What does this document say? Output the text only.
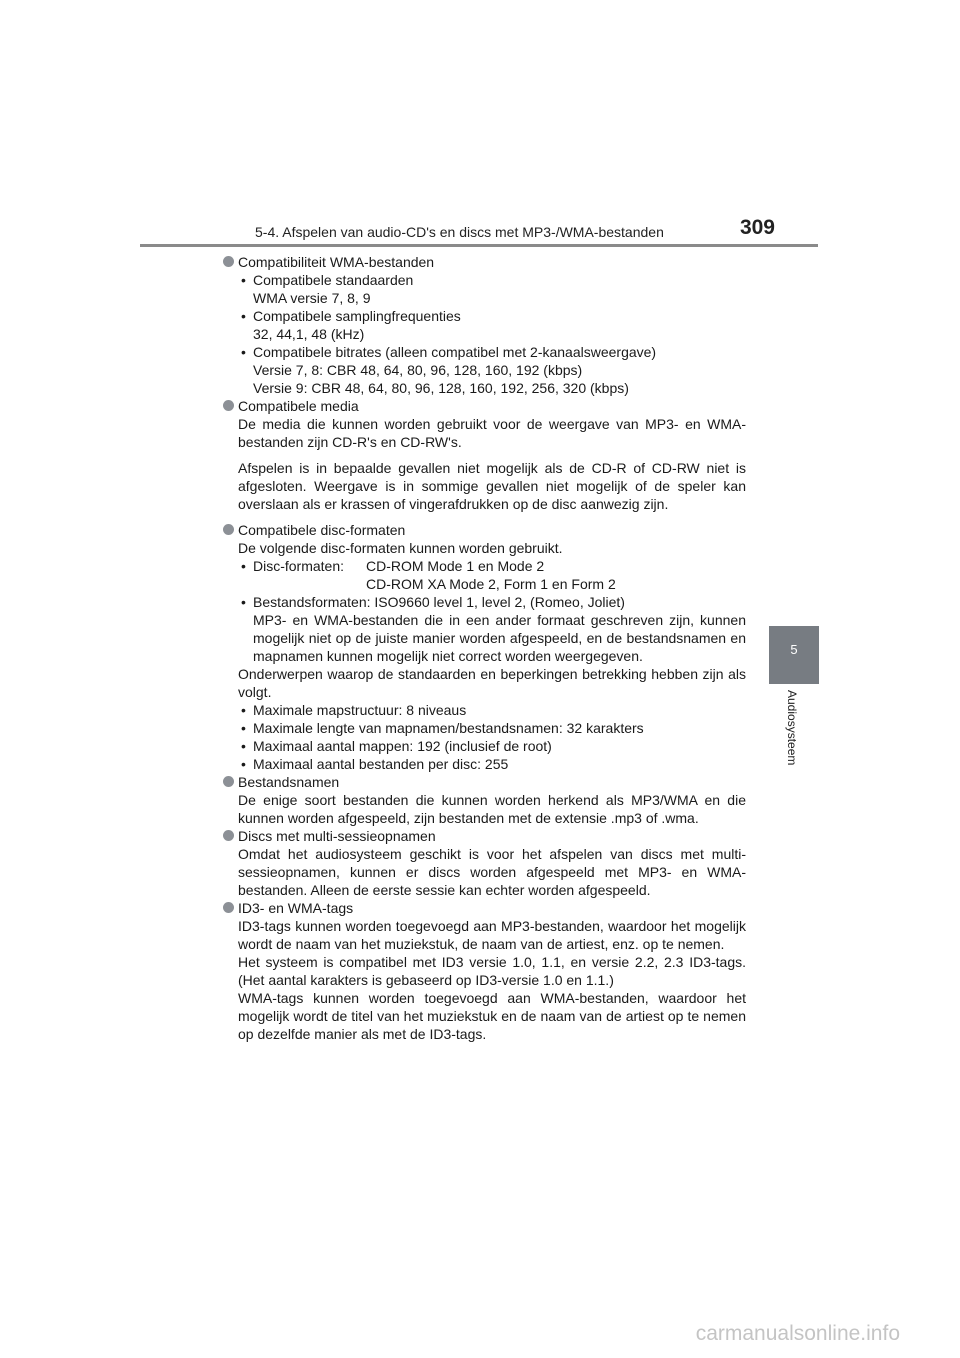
5-4. Afspelen van audio-CD's en discs met MP3-/WMA-bestanden	309
5
Audiosysteem

Compatibiliteit WMA-bestanden

• Compatibele standaarden
WMA versie 7, 8, 9
• Compatibele samplingfrequenties
32, 44,1, 48 (kHz)
• Compatibele bitrates (alleen compatibel met 2-kanaalsweergave)
Versie 7, 8: CBR 48, 64, 80, 96, 128, 160, 192 (kbps)
Versie 9: CBR 48, 64, 80, 96, 128, 160, 192, 256, 320 (kbps)

Compatibele media

De media die kunnen worden gebruikt voor de weergave van MP3- en WMA-bestanden zijn CD-R's en CD-RW's.

Afspelen is in bepaalde gevallen niet mogelijk als de CD-R of CD-RW niet is afgesloten. Weergave is in sommige gevallen niet mogelijk of de speler kan overslaan als er krassen of vingerafdrukken op de disc aanwezig zijn.

Compatibele disc-formaten

De volgende disc-formaten kunnen worden gebruikt.

• Disc-formaten:	CD-ROM Mode 1 en Mode 2
CD-ROM XA Mode 2, Form 1 en Form 2
• Bestandsformaten: ISO9660 level 1, level 2, (Romeo, Joliet)
MP3- en WMA-bestanden die in een ander formaat geschreven zijn, kunnen mogelijk niet op de juiste manier worden afgespeeld, en de bestandsnamen en mapnamen kunnen mogelijk niet correct worden weergegeven.

Onderwerpen waarop de standaarden en beperkingen betrekking hebben zijn als volgt.

• Maximale mapstructuur: 8 niveaus
• Maximale lengte van mapnamen/bestandsnamen: 32 karakters
• Maximaal aantal mappen: 192 (inclusief de root)
• Maximaal aantal bestanden per disc: 255

Bestandsnamen

De enige soort bestanden die kunnen worden herkend als MP3/WMA en die kunnen worden afgespeeld, zijn bestanden met de extensie .mp3 of .wma.

Discs met multi-sessieopnamen

Omdat het audiosysteem geschikt is voor het afspelen van discs met multi-sessieopnamen, kunnen er discs worden afgespeeld met MP3- en WMA-bestanden. Alleen de eerste sessie kan echter worden afgespeeld.

ID3- en WMA-tags

ID3-tags kunnen worden toegevoegd aan MP3-bestanden, waardoor het mogelijk wordt de naam van het muziekstuk, de naam van de artiest, enz. op te nemen.

Het systeem is compatibel met ID3 versie 1.0, 1.1, en versie 2.2, 2.3 ID3-tags. (Het aantal karakters is gebaseerd op ID3-versie 1.0 en 1.1.)

WMA-tags kunnen worden toegevoegd aan WMA-bestanden, waardoor het mogelijk wordt de titel van het muziekstuk en de naam van de artiest op te nemen op dezelfde manier als met de ID3-tags.

carmanualsonline.info
